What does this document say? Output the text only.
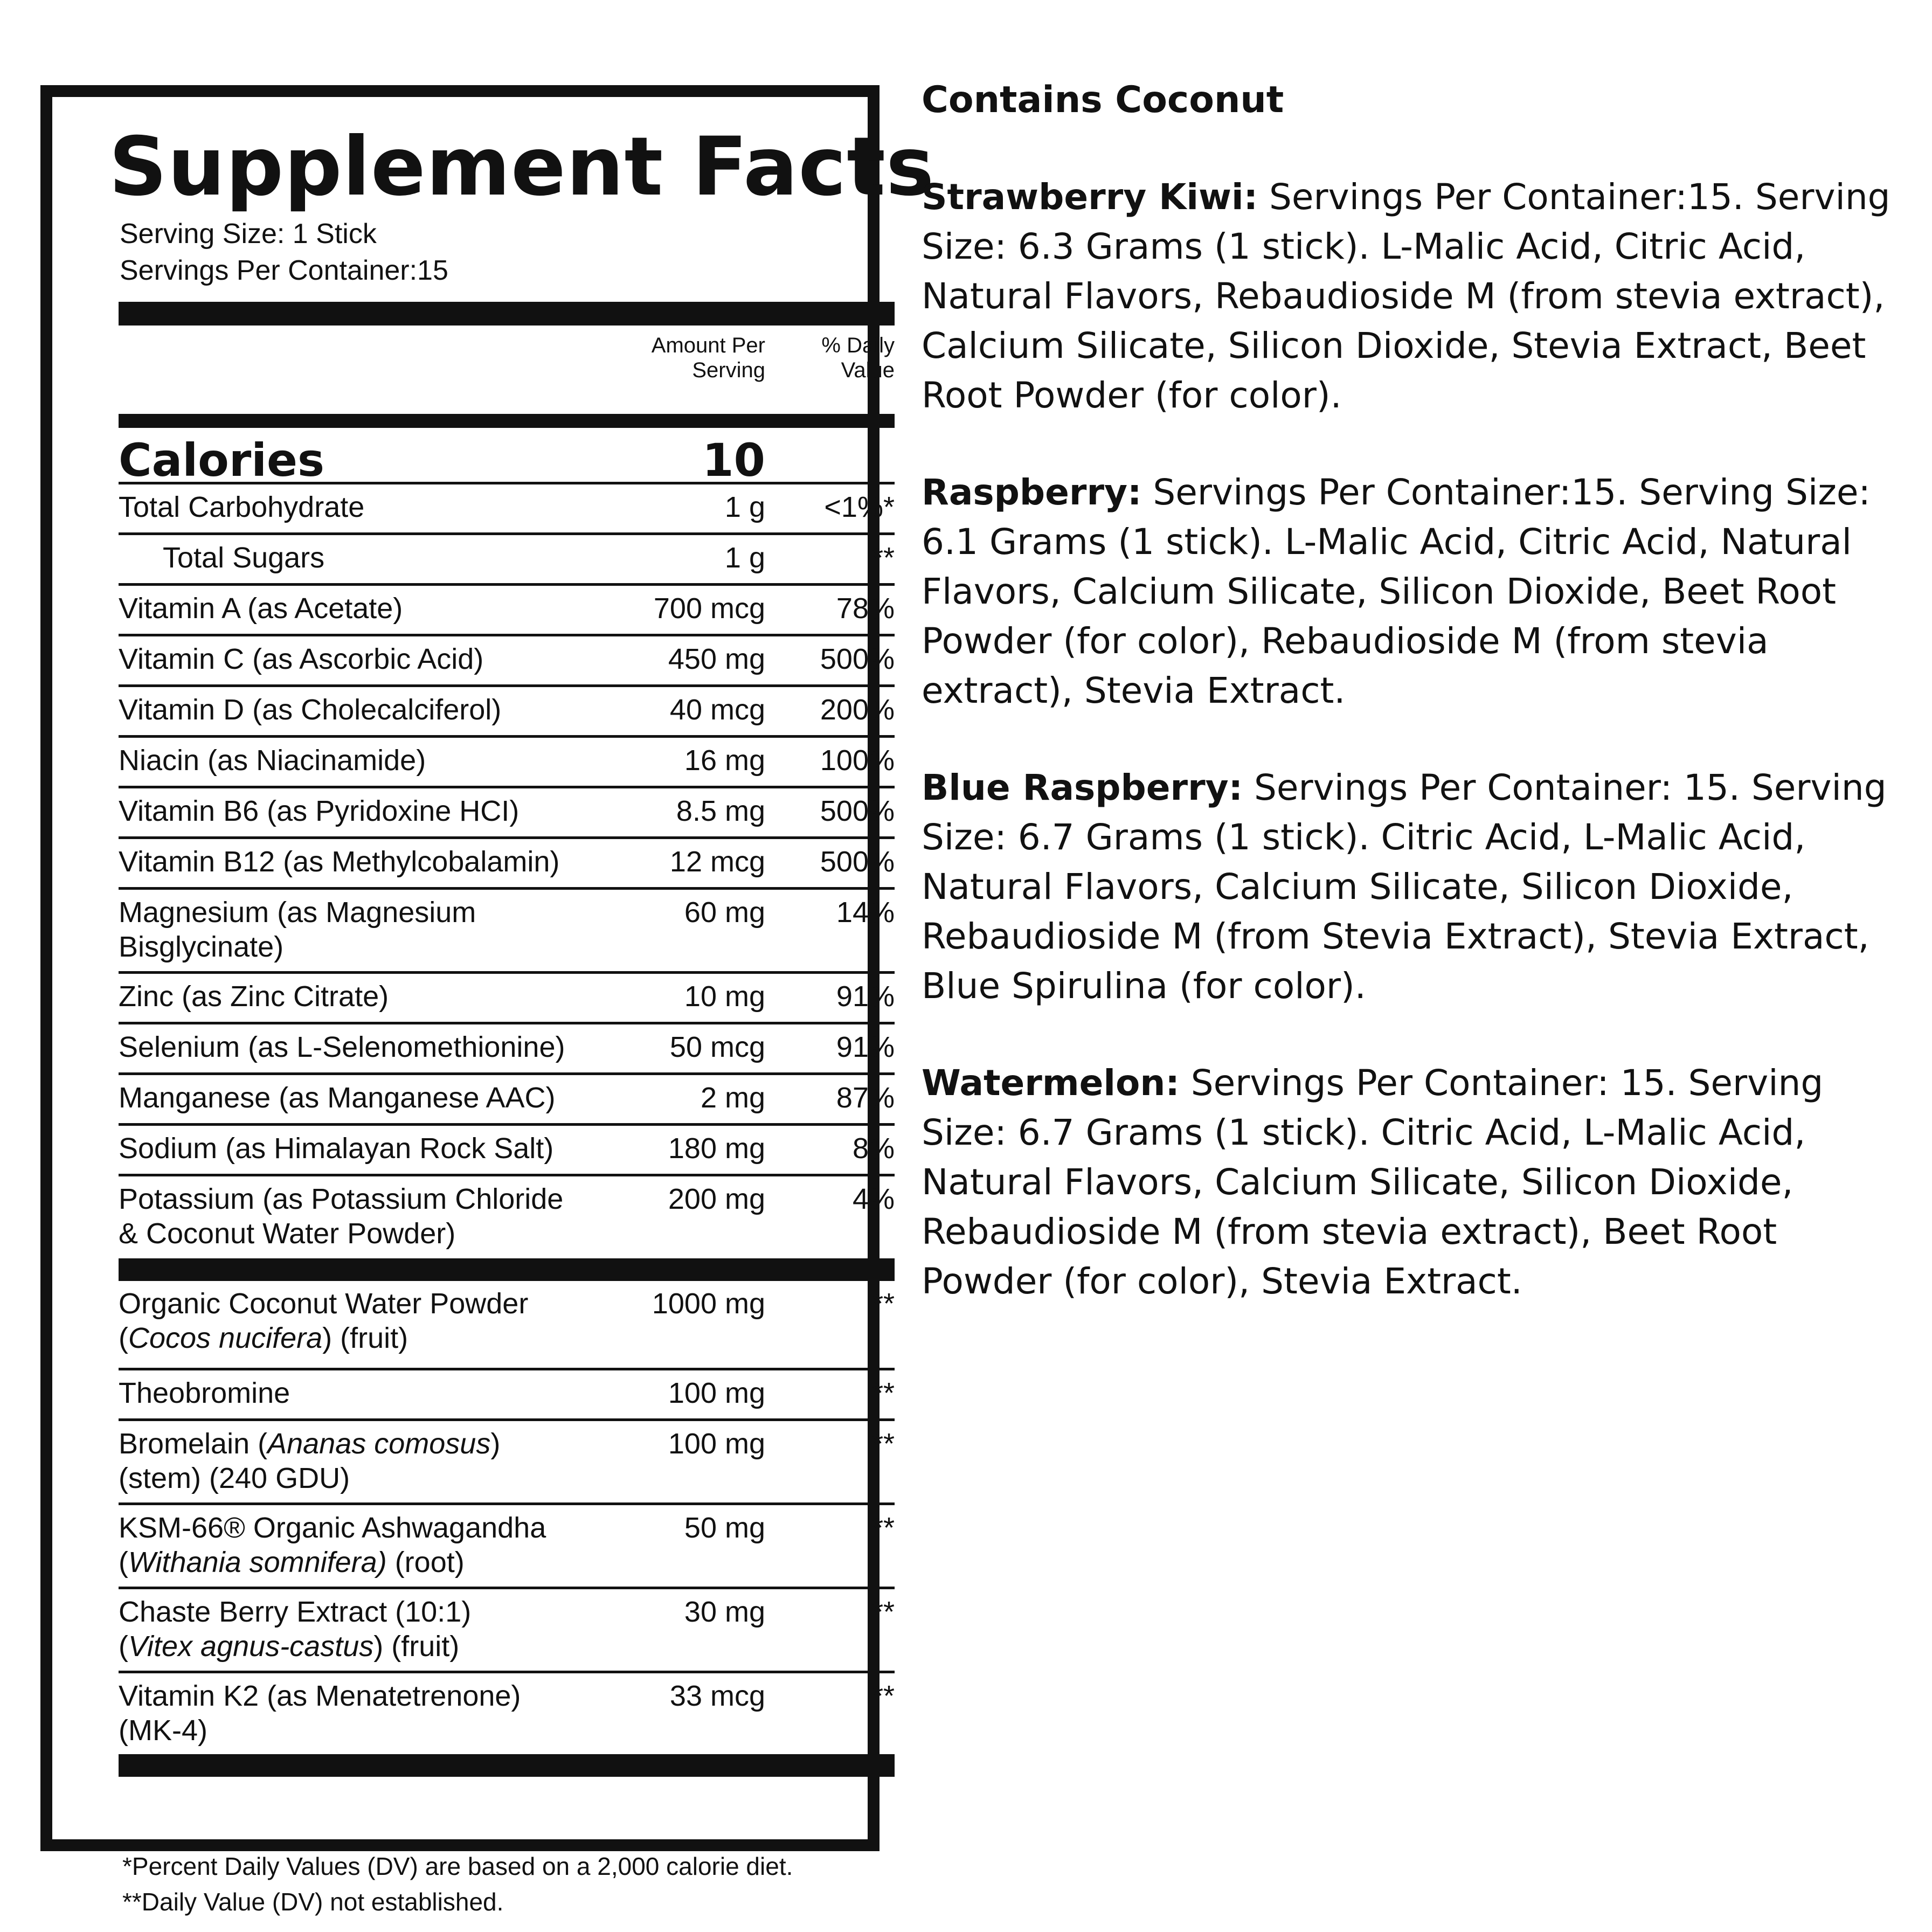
Supplement Facts
Serving Size: 1 Stick
Servings Per Container:15
Amount Per
Serving
% Daily
Value
Calories	10
Total Carbohydrate	1 g <1%*
Total Sugars	1 g	**
Vitamin A (as Acetate)	700 mcg 78%
Vitamin C (as Ascorbic Acid)	450 mg 500%
Vitamin D (as Cholecalciferol)	40 mcg 200%
Niacin (as Niacinamide)	16 mg 100%
Vitamin B6 (as Pyridoxine HCI)	8.5 mg 500%
Vitamin B12 (as Methylcobalamin)	12 mcg 500%
Magnesium (as Magnesium
Bisglycinate)
60 mg 14%
Zinc (as Zinc Citrate)	10 mg 91%
Selenium (as L-Selenomethionine)	50 mcg 91%
Manganese (as Manganese AAC)	2 mg 87%
Sodium (as Himalayan Rock Salt)	180 mg	8%
Potassium (as Potassium Chloride
& Coconut Water Powder)
200 mg	4%
Organic Coconut Water Powder
(Cocos nucifera) (fruit)
1000 mg	**
Theobromine	100 mg	**
Bromelain (Ananas comosus)
(stem) (240 GDU)
100 mg	**
KSM-66® Organic Ashwagandha
(Withania somnifera) (root)
50 mg	**
Chaste Berry Extract (10:1)
(Vitex agnus-castus) (fruit)
30 mg	**
Vitamin K2 (as Menatetrenone)
(MK-4)
33 mcg	**
*Percent Daily Values (DV) are based on a 2,000 calorie diet.
**Daily Value (DV) not established.

Contains Coconut

Strawberry Kiwi: Servings Per Container:15. Serving Size: 6.3 Grams (1 stick). L-Malic Acid, Citric Acid, Natural Flavors, Rebaudioside M (from stevia extract), Calcium Silicate, Silicon Dioxide, Stevia Extract, Beet Root Powder (for color).

Raspberry: Servings Per Container:15. Serving Size: 6.1 Grams (1 stick). L-Malic Acid, Citric Acid, Natural Flavors, Calcium Silicate, Silicon Dioxide, Beet Root Powder (for color), Rebaudioside M (from stevia extract), Stevia Extract.

Blue Raspberry: Servings Per Container: 15. Serving Size: 6.7 Grams (1 stick). Citric Acid, L-Malic Acid, Natural Flavors, Calcium Silicate, Silicon Dioxide, Rebaudioside M (from Stevia Extract), Stevia Extract, Blue Spirulina (for color).

Watermelon: Servings Per Container: 15. Serving Size: 6.7 Grams (1 stick). Citric Acid, L-Malic Acid, Natural Flavors, Calcium Silicate, Silicon Dioxide, Rebaudioside M (from stevia extract), Beet Root Powder (for color), Stevia Extract.
